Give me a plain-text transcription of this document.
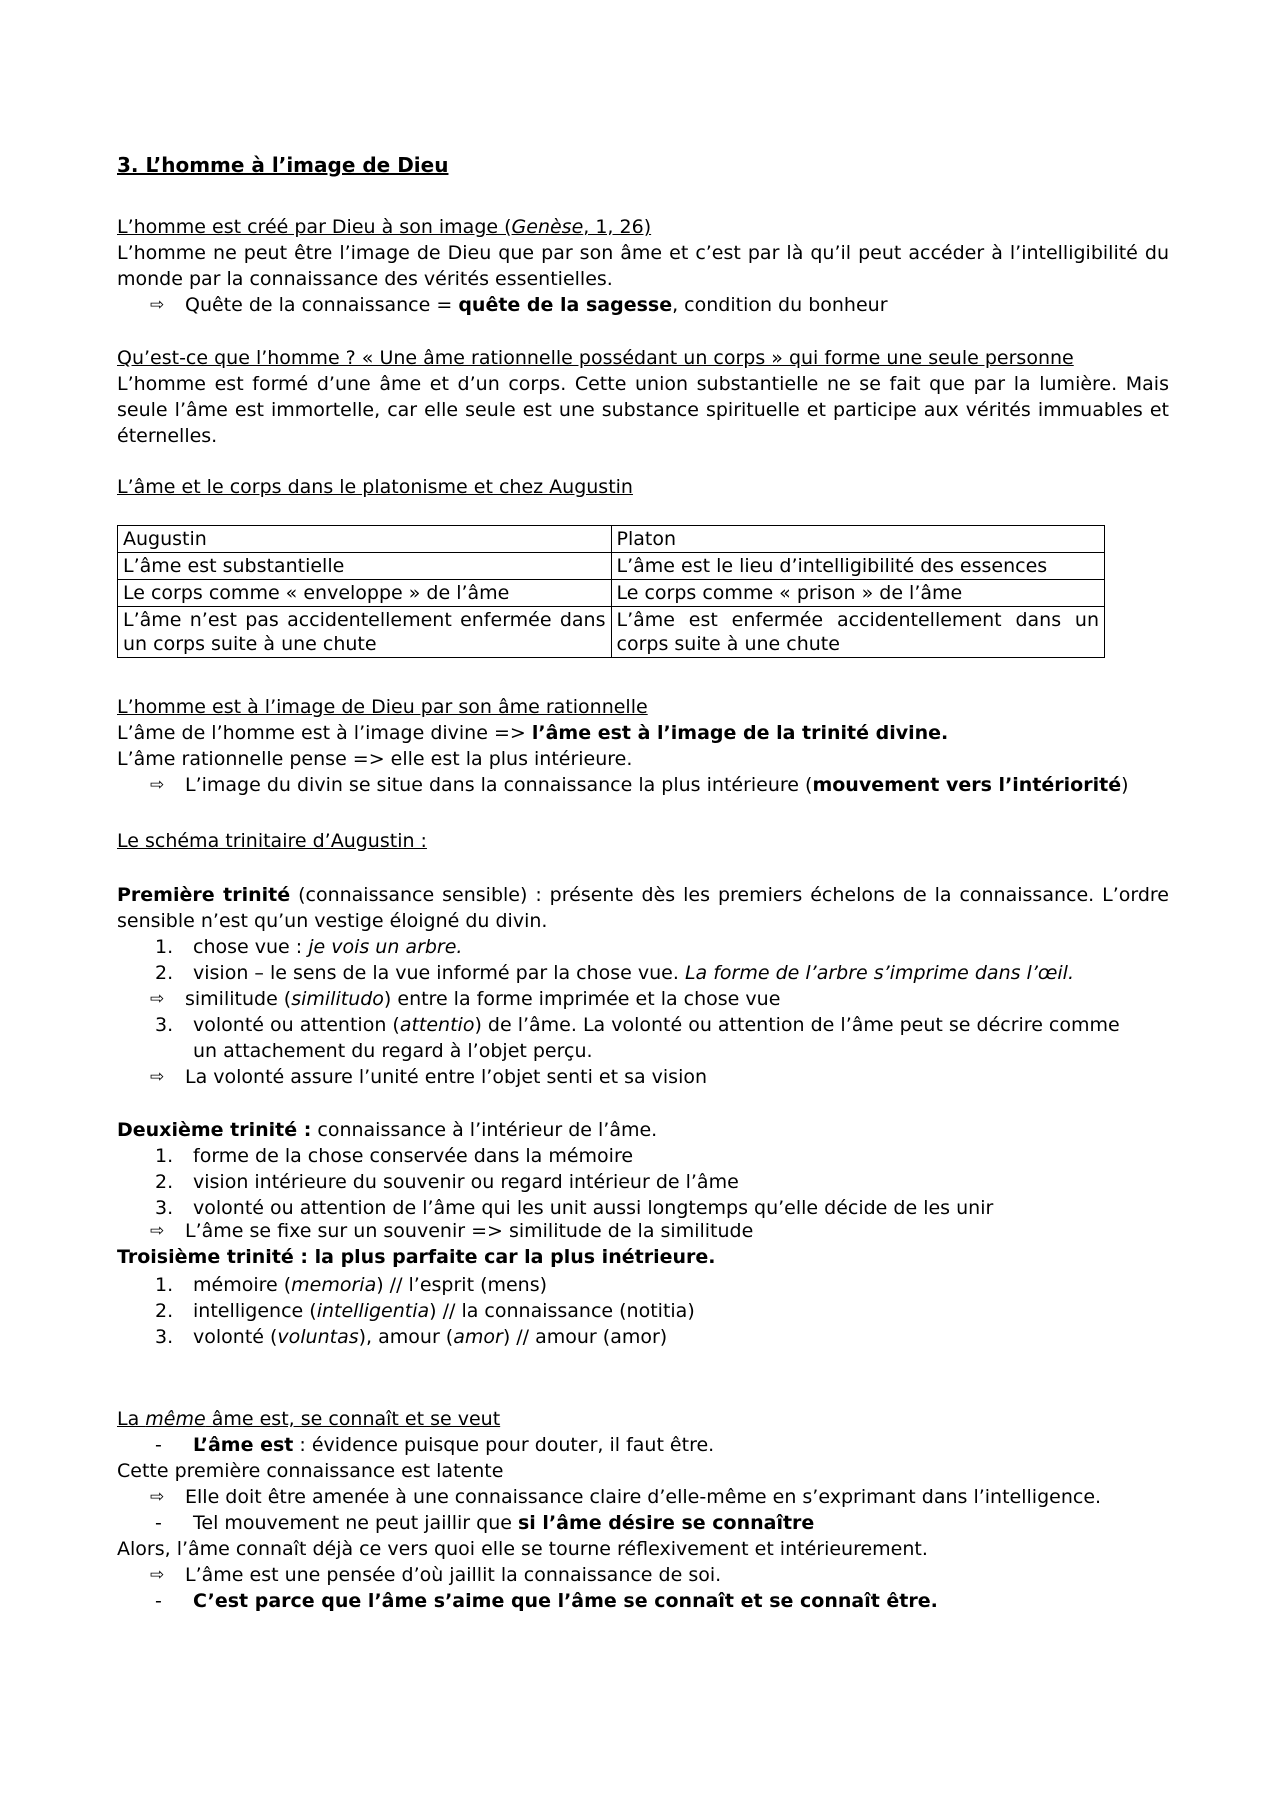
3. L’homme à l’image de Dieu
L’homme est créé par Dieu à son image (Genèse, 1, 26)
L’homme ne peut être l’image de Dieu que par son âme et c’est par là qu’il peut accéder à l’intelligibilité du monde par la connaissance des vérités essentielles.
⇨ Quête de la connaissance = quête de la sagesse, condition du bonheur
Qu’est-ce que l’homme ? « Une âme rationnelle possédant un corps » qui forme une seule personne
L’homme est formé d’une âme et d’un corps. Cette union substantielle ne se fait que par la lumière. Mais seule l’âme est immortelle, car elle seule est une substance spirituelle et participe aux vérités immuables et éternelles.
L’âme et le corps dans le platonisme et chez Augustin
Augustin	Platon
L’âme est substantielle	L’âme est le lieu d’intelligibilité des essences
Le corps comme « enveloppe » de l’âme	Le corps comme « prison » de l’âme
L’âme n’est pas accidentellement enfermée dans un corps suite à une chute	L’âme est enfermée accidentellement dans un corps suite à une chute
L’homme est à l’image de Dieu par son âme rationnelle
L’âme de l’homme est à l’image divine => l’âme est à l’image de la trinité divine.
L’âme rationnelle pense => elle est la plus intérieure.
⇨ L’image du divin se situe dans la connaissance la plus intérieure (mouvement vers l’intériorité)
Le schéma trinitaire d’Augustin :
Première trinité (connaissance sensible) : présente dès les premiers échelons de la connaissance. L’ordre sensible n’est qu’un vestige éloigné du divin.
1. chose vue : je vois un arbre.
2. vision – le sens de la vue informé par la chose vue. La forme de l’arbre s’imprime dans l’œil.
⇨ similitude (similitudo) entre la forme imprimée et la chose vue
3. volonté ou attention (attentio) de l’âme. La volonté ou attention de l’âme peut se décrire comme
un attachement du regard à l’objet perçu.
⇨ La volonté assure l’unité entre l’objet senti et sa vision
Deuxième trinité : connaissance à l’intérieur de l’âme.
1. forme de la chose conservée dans la mémoire
2. vision intérieure du souvenir ou regard intérieur de l’âme
3. volonté ou attention de l’âme qui les unit aussi longtemps qu’elle décide de les unir
⇨ L’âme se fixe sur un souvenir => similitude de la similitude
Troisième trinité : la plus parfaite car la plus inétrieure.
1. mémoire (memoria) // l’esprit (mens)
2. intelligence (intelligentia) // la connaissance (notitia)
3. volonté (voluntas), amour (amor) // amour (amor)
La même âme est, se connaît et se veut
- L’âme est : évidence puisque pour douter, il faut être.
Cette première connaissance est latente
⇨ Elle doit être amenée à une connaissance claire d’elle-même en s’exprimant dans l’intelligence.
- Tel mouvement ne peut jaillir que si l’âme désire se connaître
Alors, l’âme connaît déjà ce vers quoi elle se tourne réflexivement et intérieurement.
⇨ L’âme est une pensée d’où jaillit la connaissance de soi.
- C’est parce que l’âme s’aime que l’âme se connaît et se connaît être.
